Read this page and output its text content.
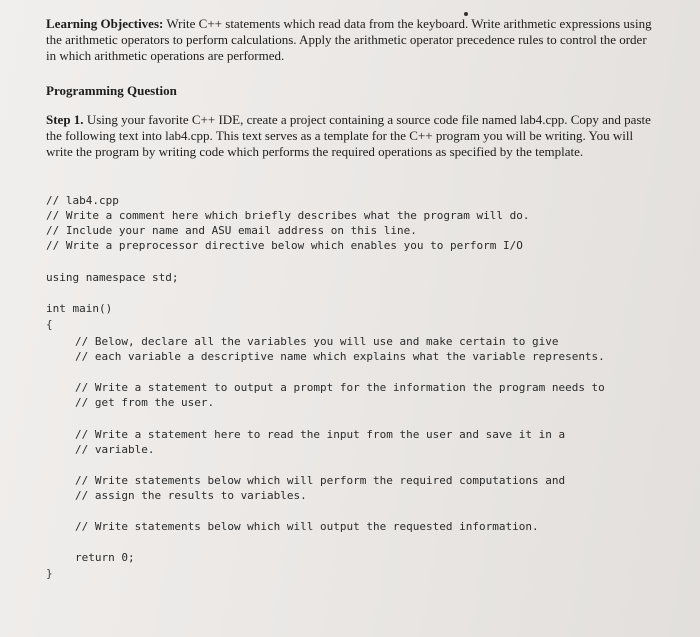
Learning Objectives: Write C++ statements which read data from the keyboard. Write arithmetic expressions using the arithmetic operators to perform calculations. Apply the arithmetic operator precedence rules to control the order in which arithmetic operations are performed.

Programming Question

Step 1. Using your favorite C++ IDE, create a project containing a source code file named lab4.cpp. Copy and paste the following text into lab4.cpp. This text serves as a template for the C++ program you will be writing. You will write the program by writing code which performs the required operations as specified by the template.

// lab4.cpp
// Write a comment here which briefly describes what the program will do.
// Include your name and ASU email address on this line.
// Write a preprocessor directive below which enables you to perform I/O
using namespace std;
int main()
{
// Below, declare all the variables you will use and make certain to give
// each variable a descriptive name which explains what the variable represents.
// Write a statement to output a prompt for the information the program needs to
// get from the user.
// Write a statement here to read the input from the user and save it in a
// variable.
// Write statements below which will perform the required computations and
// assign the results to variables.
// Write statements below which will output the requested information.
return 0;
}
